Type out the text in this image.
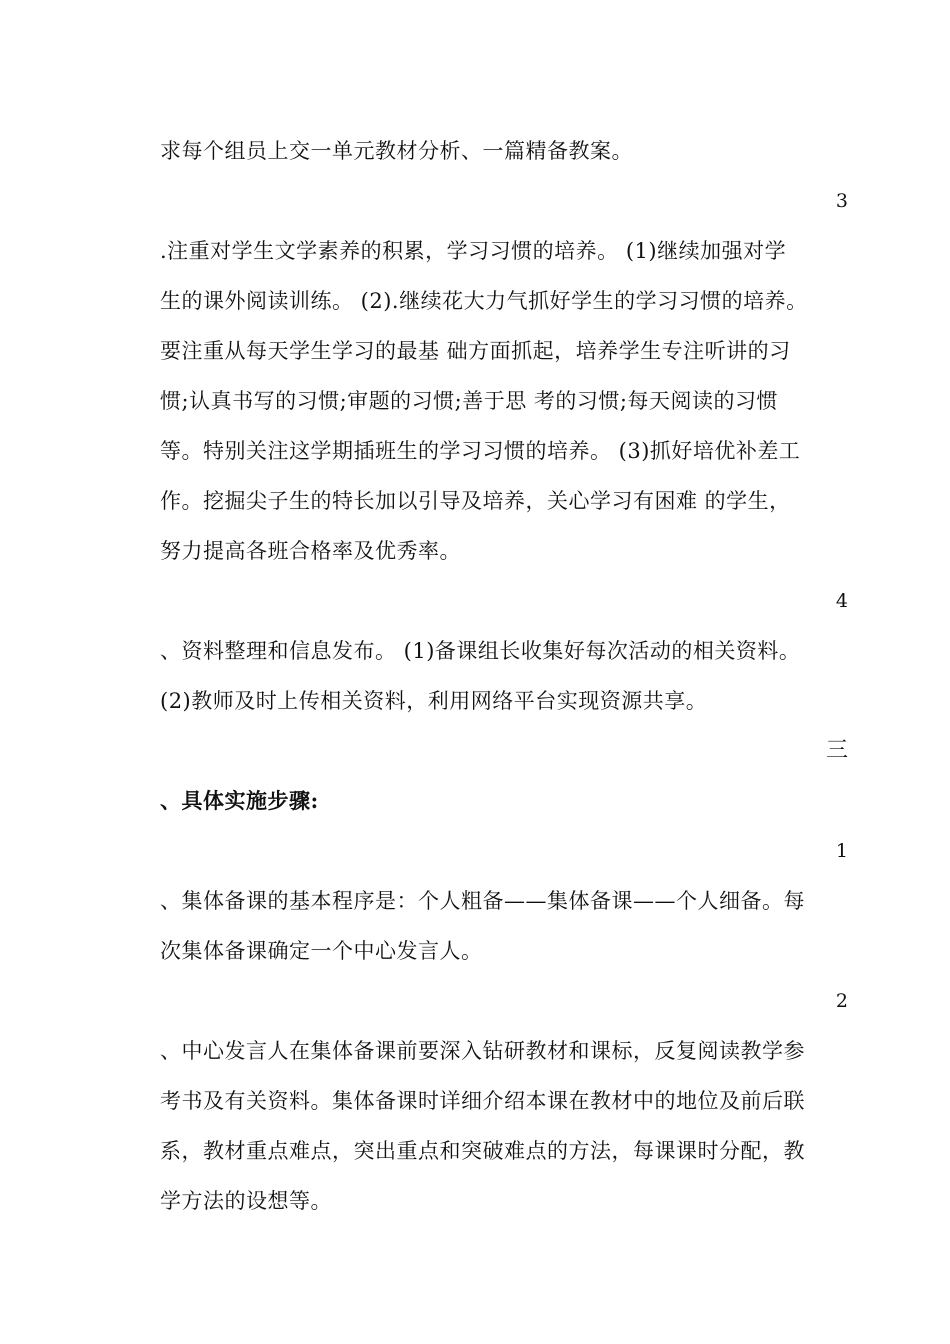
求每个组员上交一单元教材分析、一篇精备教案。
3
.注重对学生文学素养的积累，学习习惯的培养。 (1)继续加强对学
生的课外阅读训练。 (2).继续花大力气抓好学生的学习习惯的培养。
要注重从每天学生学习的最基 础方面抓起，培养学生专注听讲的习
惯;认真书写的习惯;审题的习惯;善于思 考的习惯;每天阅读的习惯
等。特别关注这学期插班生的学习习惯的培养。 (3)抓好培优补差工
作。挖掘尖子生的特长加以引导及培养，关心学习有困难 的学生，
努力提高各班合格率及优秀率。
4
、资料整理和信息发布。 (1)备课组长收集好每次活动的相关资料。
(2)教师及时上传相关资料，利用网络平台实现资源共享。
三
、具体实施步骤:
1
、集体备课的基本程序是：个人粗备——集体备课——个人细备。每
次集体备课确定一个中心发言人。
2
、中心发言人在集体备课前要深入钻研教材和课标，反复阅读教学参
考书及有关资料。集体备课时详细介绍本课在教材中的地位及前后联
系，教材重点难点，突出重点和突破难点的方法，每课课时分配，教
学方法的设想等。
